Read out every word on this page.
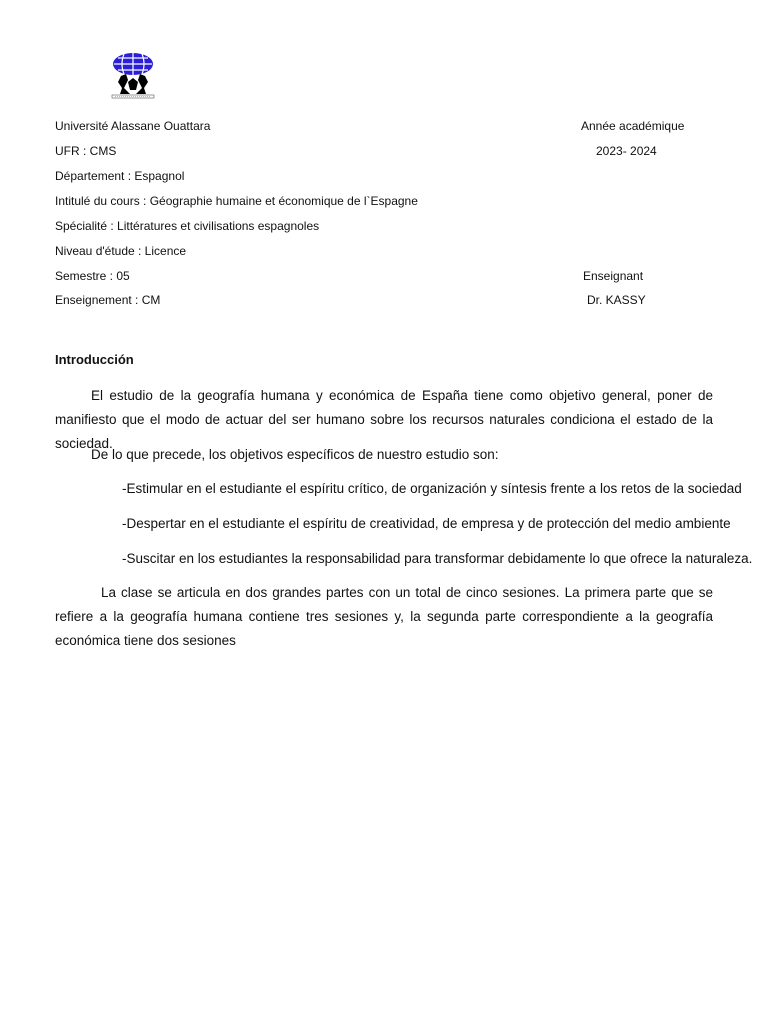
Université Alassane Ouattara
UFR : CMS
Département : Espagnol
Intitulé du cours : Géographie humaine et économique de l`Espagne
Spécialité : Littératures et civilisations espagnoles
Niveau d'étude : Licence
Semestre : 05
Enseignement : CM
Année académique
2023- 2024
Enseignant
Dr. KASSY
Introducción
El estudio de la geografía humana y económica de España tiene como objetivo general, poner de manifiesto que el modo de actuar del ser humano sobre los recursos naturales condiciona el estado de la sociedad.
De lo que precede, los objetivos específicos de nuestro estudio son:
-Estimular en el estudiante el espíritu crítico, de organización y síntesis frente a los retos de la sociedad
-Despertar en el estudiante el espíritu de creatividad, de empresa y de protección del medio ambiente
-Suscitar en los estudiantes la responsabilidad para transformar debidamente lo que ofrece la naturaleza.
La clase se articula en dos grandes partes con un total de cinco sesiones. La primera parte que se refiere a la geografía humana contiene tres sesiones y, la segunda parte correspondiente a la geografía económica tiene dos sesiones
